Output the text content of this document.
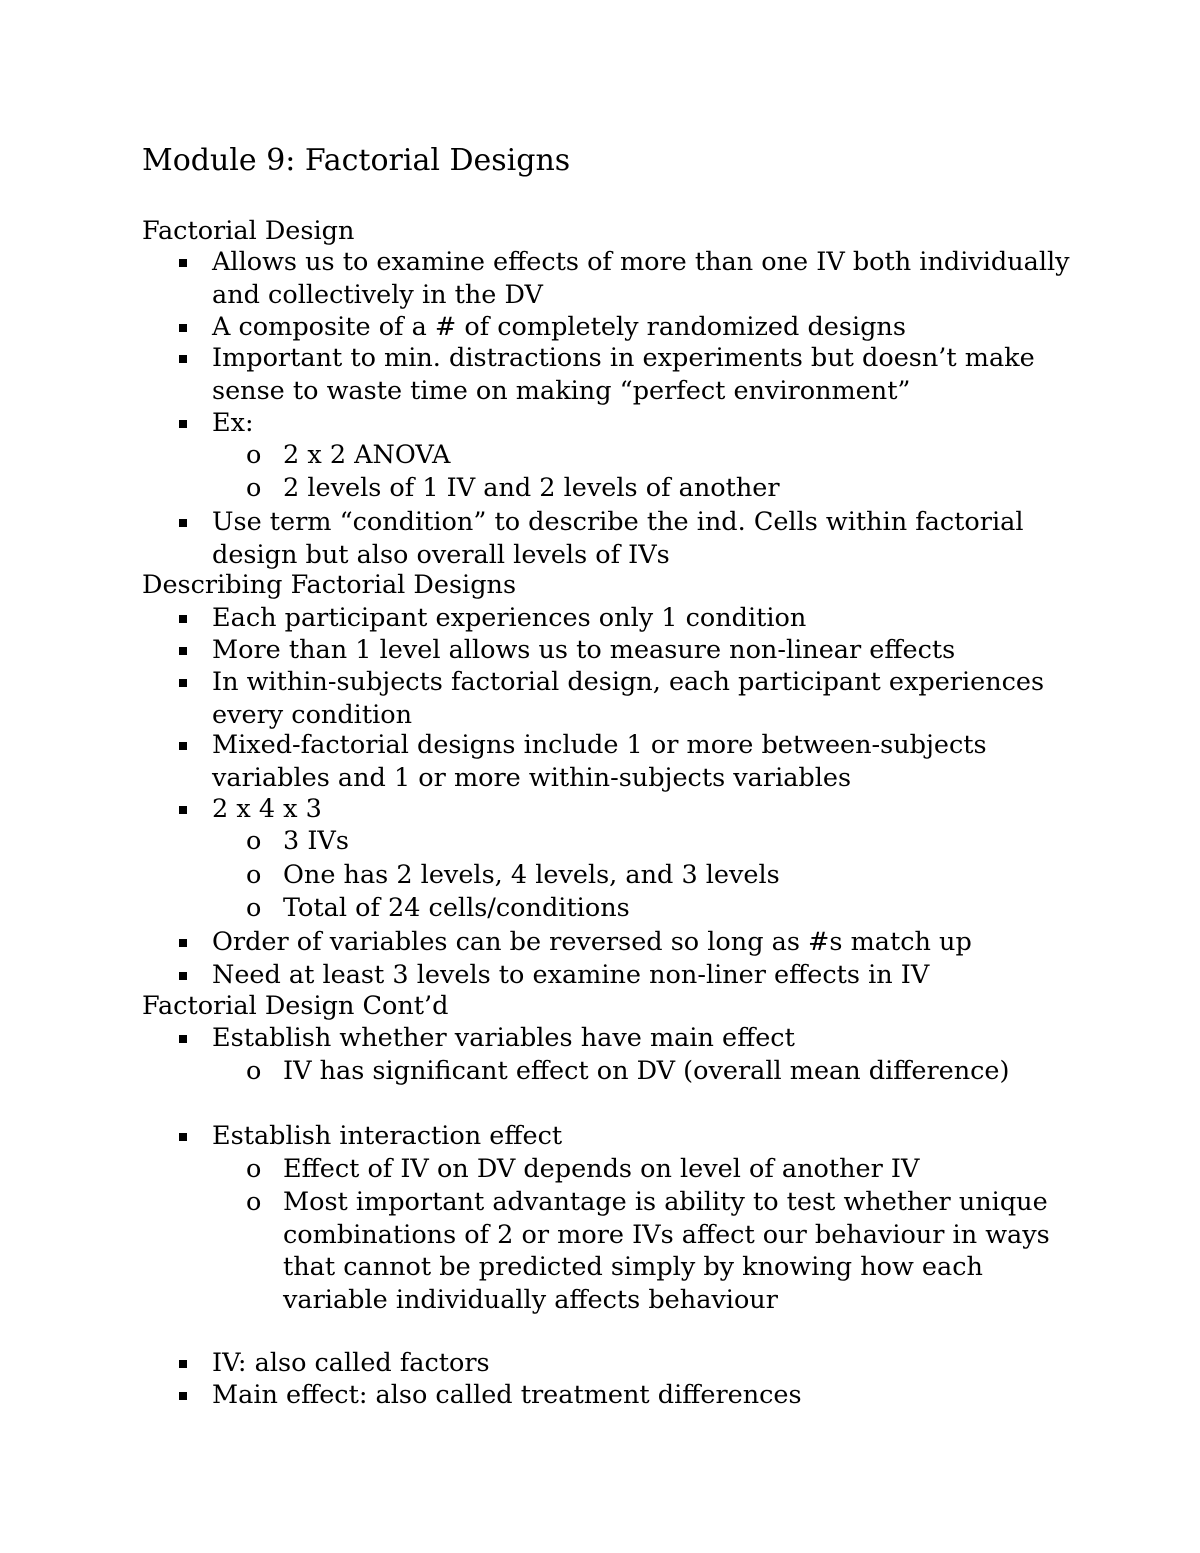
Module 9: Factorial Designs
Factorial Design
Allows us to examine effects of more than one IV both individually and collectively in the DV
A composite of a # of completely randomized designs
Important to min. distractions in experiments but doesn’t make sense to waste time on making “perfect environment”
Ex:
o 2 x 2 ANOVA
o 2 levels of 1 IV and 2 levels of another
Use term “condition” to describe the ind. Cells within factorial design but also overall levels of IVs
Describing Factorial Designs
Each participant experiences only 1 condition
More than 1 level allows us to measure non-linear effects
In within-subjects factorial design, each participant experiences every condition
Mixed-factorial designs include 1 or more between-subjects variables and 1 or more within-subjects variables
2 x 4 x 3
o 3 IVs
o One has 2 levels, 4 levels, and 3 levels
o Total of 24 cells/conditions
Order of variables can be reversed so long as #s match up
Need at least 3 levels to examine non-liner effects in IV
Factorial Design Cont’d
Establish whether variables have main effect
o IV has significant effect on DV (overall mean difference)
Establish interaction effect
o Effect of IV on DV depends on level of another IV
o Most important advantage is ability to test whether unique combinations of 2 or more IVs affect our behaviour in ways that cannot be predicted simply by knowing how each variable individually affects behaviour
IV: also called factors
Main effect: also called treatment differences
